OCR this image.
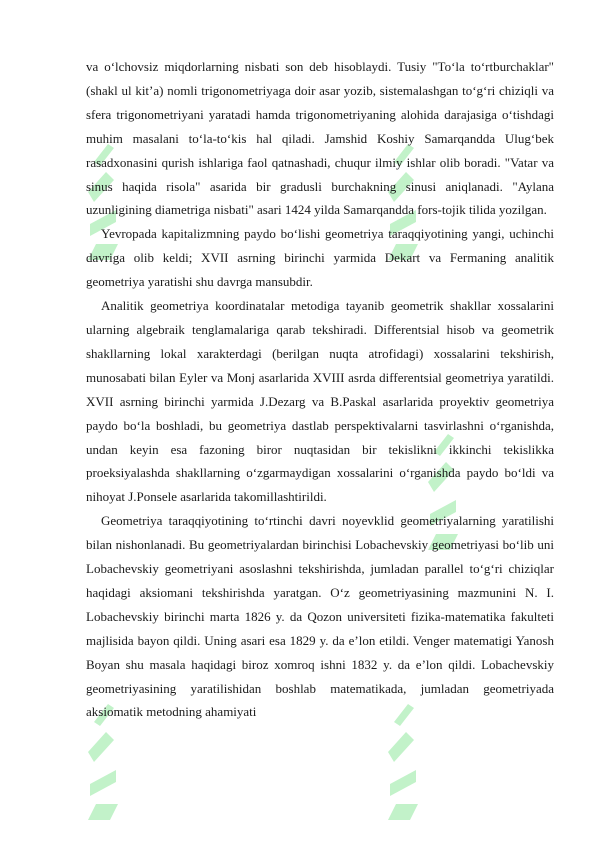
va o‘lchovsiz miqdorlarning nisbati son deb hisoblaydi. Tusiy "To‘la to‘rtburchaklar" (shakl ul kit’a) nomli trigonometriyaga doir asar yozib, sistemalashgan to‘g‘ri chiziqli va sfera trigonometriyani yaratadi hamda trigonometriyaning alohida darajasiga o‘tishdagi muhim masalani to‘la-to‘kis hal qiladi. Jamshid Koshiy Samarqandda Ulug‘bek rasadxonasini qurish ishlariga faol qatnashadi, chuqur ilmiy ishlar olib boradi. "Vatar va sinus haqida risola" asarida bir gradusli burchakning sinusi aniqlanadi. "Aylana uzunligining diametriga nisbati" asari 1424 yilda Samarqandda fors-tojik tilida yozilgan.

Yevropada kapitalizmning paydo bo‘lishi geometriya taraqqiyotining yangi, uchinchi davriga olib keldi; XVII asrning birinchi yarmida Dekart va Fermaning analitik geometriya yaratishi shu davrga mansubdir.

Analitik geometriya koordinatalar metodiga tayanib geometrik shakllar xossalarini ularning algebraik tenglamalariga qarab tekshiradi. Differentsial hisob va geometrik shakllarning lokal xarakterdagi (berilgan nuqta atrofidagi) xossalarini tekshirish, munosabati bilan Eyler va Monj asarlarida XVIII asrda differentsial geometriya yaratildi. XVII asrning birinchi yarmida J.Dezarg va B.Paskal asarlarida proyektiv geometriya paydo bo‘la boshladi, bu geometriya dastlab perspektivalarni tasvirlashni o‘rganishda, undan keyin esa fazoning biror nuqtasidan bir tekislikni ikkinchi tekislikka proeksiyalashda shakllarning o‘zgarmaydigan xossalarini o‘rganishda paydo bo‘ldi va nihoyat J.Ponsele asarlarida takomillashtirildi.

Geometriya taraqqiyotining to‘rtinchi davri noyevklid geometriyalarning yaratilishi bilan nishonlanadi. Bu geometriyalardan birinchisi Lobachevskiy geometriyasi bo‘lib uni Lobachevskiy geometriyani asoslashni tekshirishda, jumladan parallel to‘g‘ri chiziqlar haqidagi aksiomani tekshirishda yaratgan. O‘z geometriyasining mazmunini N. I. Lobachevskiy birinchi marta 1826 y. da Qozon universiteti fizika-matematika fakulteti majlisida bayon qildi. Uning asari esa 1829 y. da e’lon etildi. Venger matematigi Yanosh Boyan shu masala haqidagi biroz xomroq ishni 1832 y. da e’lon qildi. Lobachevskiy geometriyasining yaratilishidan boshlab matematikada, jumladan geometriyada aksiomatik metodning ahamiyati
